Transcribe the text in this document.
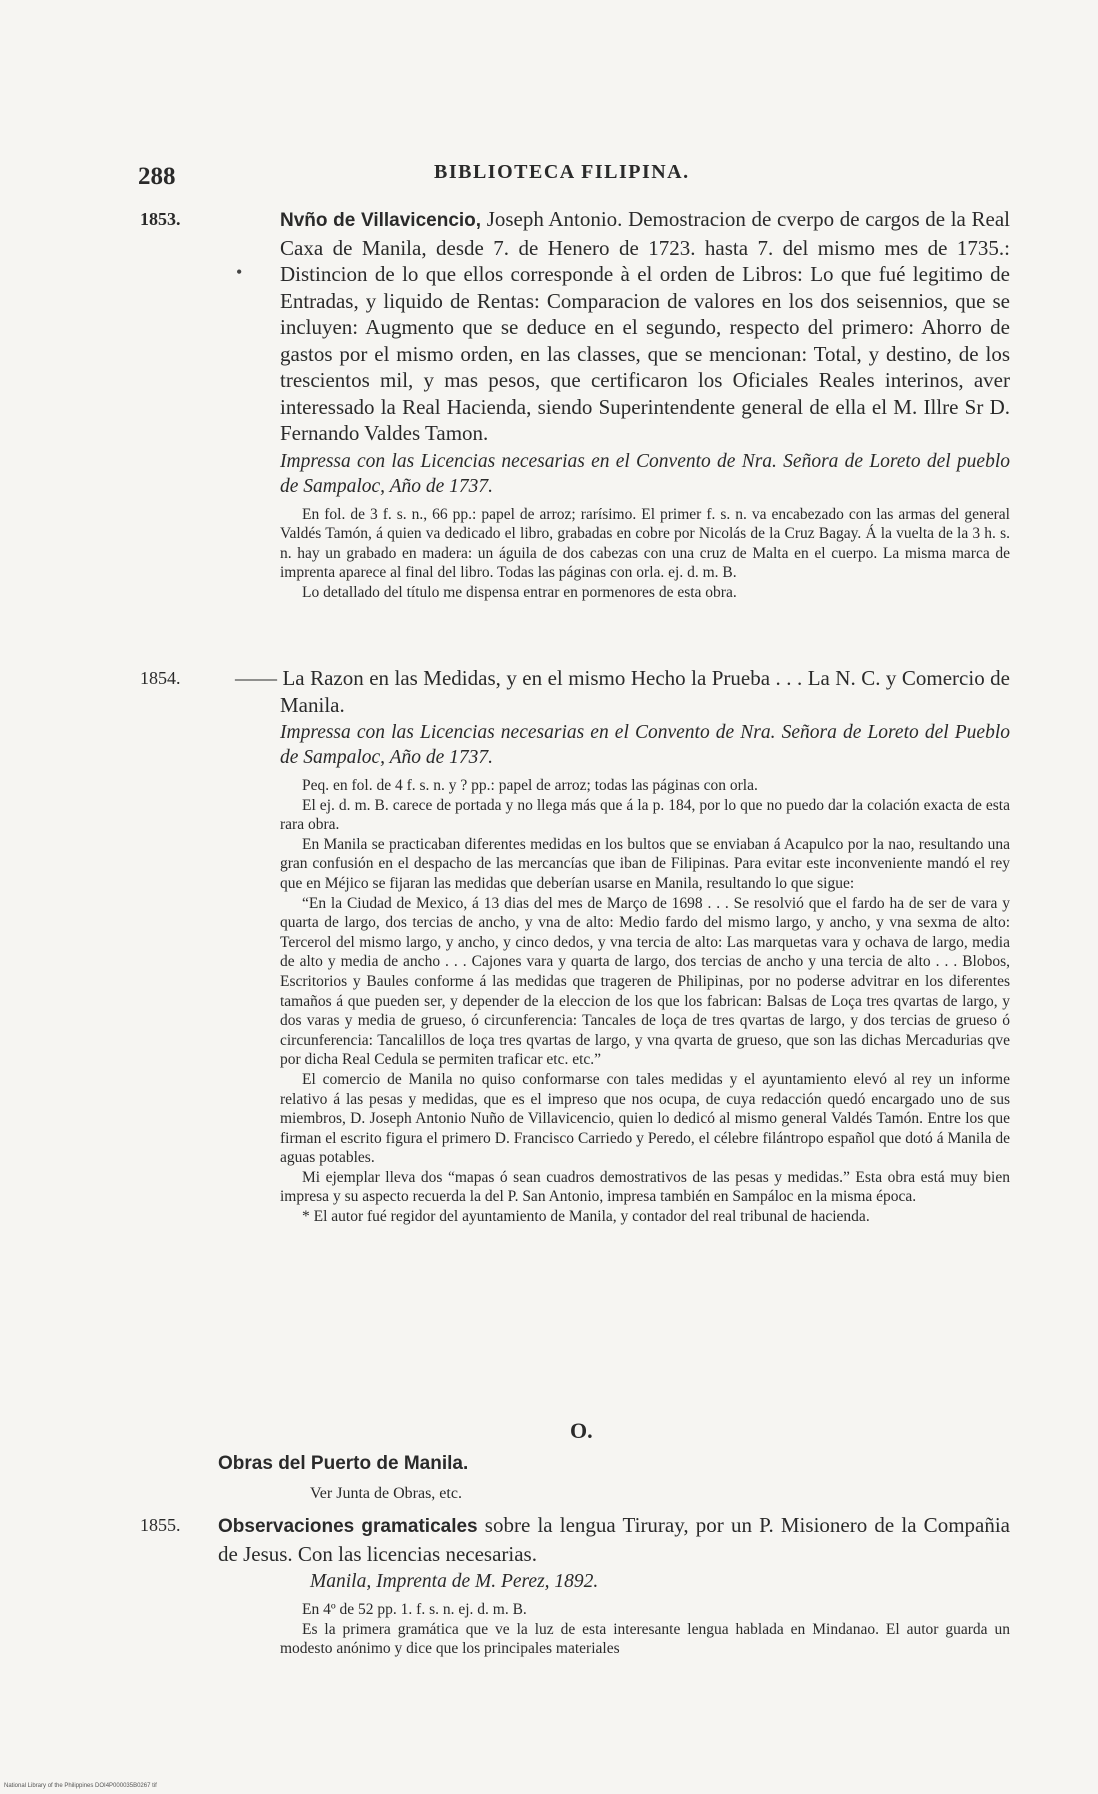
288	BIBLIOTECA FILIPINA.
1853.	Nvño de Villavicencio, Joseph Antonio. Demostracion de cverpo de cargos de la Real Caxa de Manila, desde 7. de Henero de 1723. hasta 7. del mismo mes de 1735.: Distincion de lo que ellos corresponde à el orden de Libros: Lo que fué legitimo de Entradas, y liquido de Rentas: Comparacion de valores en los dos seisennios, que se incluyen: Augmento que se deduce en el segundo, respecto del primero: Ahorro de gastos por el mismo orden, en las classes, que se mencionan: Total, y destino, de los trescientos mil, y mas pesos, que certificaron los Oficiales Reales interinos, aver interessado la Real Hacienda, siendo Superintendente general de ella el M. Illre Sr D. Fernando Valdes Tamon.

Impressa con las Licencias necesarias en el Convento de Nra. Señora de Loreto del pueblo de Sampaloc, Año de 1737.

En fol. de 3 f. s. n., 66 pp.: papel de arroz; rarísimo. El primer f. s. n. va encabezado con las armas del general Valdés Tamón, á quien va dedicado el libro, grabadas en cobre por Nicolás de la Cruz Bagay. Á la vuelta de la 3 h. s. n. hay un grabado en madera: un águila de dos cabezas con una cruz de Malta en el cuerpo. La misma marca de imprenta aparece al final del libro. Todas las páginas con orla. ej. d. m. B.

Lo detallado del título me dispensa entrar en pormenores de esta obra.

1854.	—— La Razon en las Medidas, y en el mismo Hecho la Prueba . . . La N. C. y Comercio de Manila.

Impressa con las Licencias necesarias en el Convento de Nra. Señora de Loreto del Pueblo de Sampaloc, Año de 1737.

Peq. en fol. de 4 f. s. n. y ? pp.: papel de arroz; todas las páginas con orla.

El ej. d. m. B. carece de portada y no llega más que á la p. 184, por lo que no puedo dar la colación exacta de esta rara obra.

En Manila se practicaban diferentes medidas en los bultos que se enviaban á Acapulco por la nao, resultando una gran confusión en el despacho de las mercancías que iban de Filipinas. Para evitar este inconveniente mandó el rey que en Méjico se fijaran las medidas que deberían usarse en Manila, resultando lo que sigue:

“En la Ciudad de Mexico, á 13 dias del mes de Março de 1698 . . . Se resolvió que el fardo ha de ser de vara y quarta de largo, dos tercias de ancho, y vna de alto: Medio fardo del mismo largo, y ancho, y vna sexma de alto: Tercerol del mismo largo, y ancho, y cinco dedos, y vna tercia de alto: Las marquetas vara y ochava de largo, media de alto y media de ancho . . . Cajones vara y quarta de largo, dos tercias de ancho y una tercia de alto . . . Blobos, Escritorios y Baules conforme á las medidas que trageren de Philipinas, por no poderse advitrar en los diferentes tamaños á que pueden ser, y depender de la eleccion de los que los fabrican: Balsas de Loça tres qvartas de largo, y dos varas y media de grueso, ó circunferencia: Tancales de loça de tres qvartas de largo, y dos tercias de grueso ó circunferencia: Tancalillos de loça tres qvartas de largo, y vna qvarta de grueso, que son las dichas Mercadurias qve por dicha Real Cedula se permiten traficar etc. etc.”

El comercio de Manila no quiso conformarse con tales medidas y el ayuntamiento elevó al rey un informe relativo á las pesas y medidas, que es el impreso que nos ocupa, de cuya redacción quedó encargado uno de sus miembros, D. Joseph Antonio Nuño de Villavicencio, quien lo dedicó al mismo general Valdés Tamón. Entre los que firman el escrito figura el primero D. Francisco Carriedo y Peredo, el célebre filántropo español que dotó á Manila de aguas potables.

Mi ejemplar lleva dos “mapas ó sean cuadros demostrativos de las pesas y medidas.” Esta obra está muy bien impresa y su aspecto recuerda la del P. San Antonio, impresa también en Sampáloc en la misma época.

* El autor fué regidor del ayuntamiento de Manila, y contador del real tribunal de hacienda.

O.
Obras del Puerto de Manila.
Ver Junta de Obras, etc.
1855.	Observaciones gramaticales sobre la lengua Tiruray, por un P. Misionero de la Compañia de Jesus. Con las licencias necesarias.

Manila, Imprenta de M. Perez, 1892.

En 4º de 52 pp. 1. f. s. n. ej. d. m. B.

Es la primera gramática que ve la luz de esta interesante lengua hablada en Mindanao. El autor guarda un modesto anónimo y dice que los principales materiales

•
National Library of the Philippines DOI4P000035B0267 tif
